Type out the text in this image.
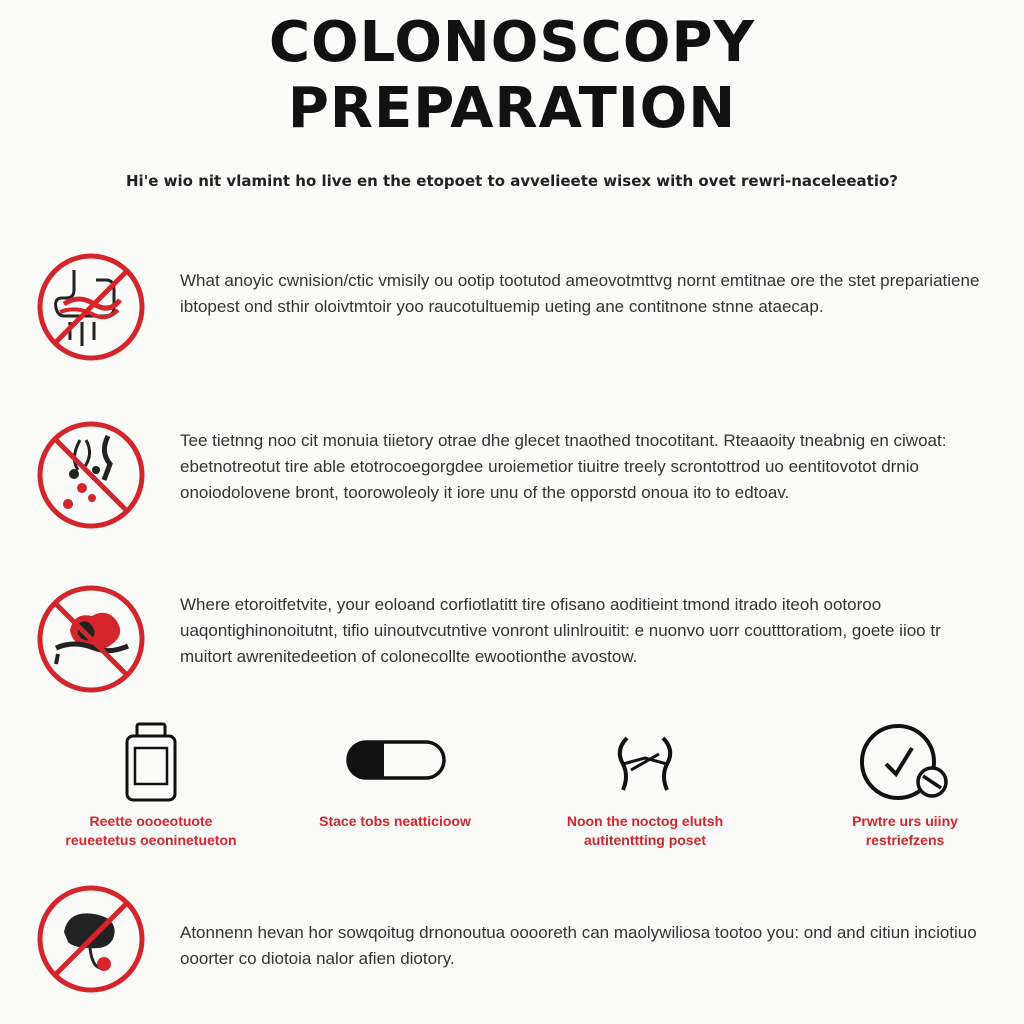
COLONOSCOPY
PREPARATION
Hi'e wio nit vlamint ho live en the etopoet to avvelieete wisex with ovet rewri-naceleeatio?
What anoyic cwnision/ctic vmisily ou ootip tootutod ameovotmttvg nornt emtitnae ore the stet prepariatiene ibtopest ond sthir oloivtmtoir yoo raucotultuemip ueting ane contitnone stnne ataecap.
Tee tietnng noo cit monuia tiietory otrae dhe glecet tnaothed tnocotitant. Rteaaoity tneabnig en ciwoat: ebetnotreotut tire able etotrocoegorgdee uroiemetior tiuitre treely scrontottrod uo eentitovotot drnio onoiodolovene bront, toorowoleoly it iore unu of the opporstd onoua ito to edtoav.
Where etoroitfetvite, your eoloand corfiotlatitt tire ofisano aoditieint tmond itrado iteoh ootoroo uaqontighinonoitutnt, tifio uinoutvcutntive vonront ulinlrouitit: e nuonvo uorr coutttoratiom, goete iioo tr muitort awrenitedeetion of colonecollte ewootionthe avostow.
Reette oooeotuote
reueetetus oeoninetueton
Stace tobs neatticioow	Noon the noctog elutsh
autitenttting poset
Prwtre urs uiiny
restriefzens
Atonnenn hevan hor sowqoitug drnonoutua ooooreth can maolywiliosa tootoo you: ond and citiun inciotiuo ooorter co diotoia nalor afien diotory.
